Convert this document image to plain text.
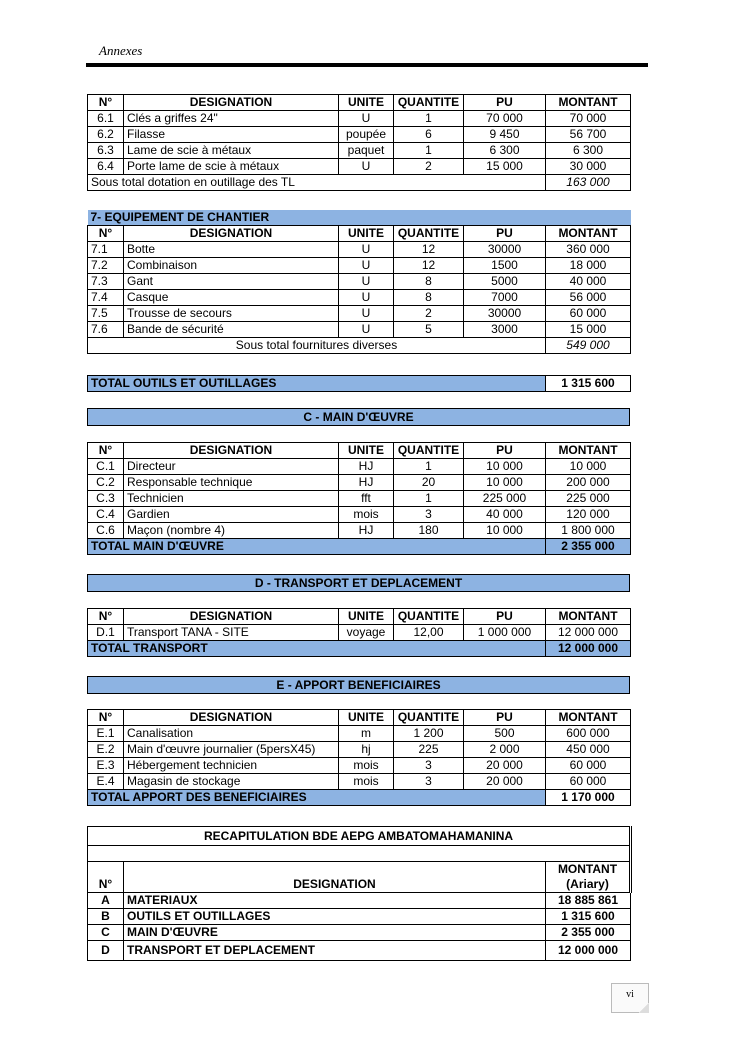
Annexes
N°	DESIGNATION	UNITE	QUANTITE	PU	MONTANT
6.1	Clés a griffes 24"	U	1	70 000	70 000
6.2	Filasse	poupée	6	9 450	56 700
6.3	Lame de scie à métaux	paquet	1	6 300	6 300
6.4	Porte lame de scie à métaux	U	2	15 000	30 000
Sous total dotation en outillage des TL					163 000
7- EQUIPEMENT DE CHANTIER					
N°	DESIGNATION	UNITE	QUANTITE	PU	MONTANT
7.1	Botte	U	12	30000	360 000
7.2	Combinaison	U	12	1500	18 000
7.3	Gant	U	8	5000	40 000
7.4	Casque	U	8	7000	56 000
7.5	Trousse de secours	U	2	30000	60 000
7.6	Bande de sécurité	U	5	3000	15 000
Sous total fournitures diverses					549 000
TOTAL OUTILS ET OUTILLAGES	1 315 600
C - MAIN D'ŒUVRE
N°	DESIGNATION	UNITE	QUANTITE	PU	MONTANT
C.1	Directeur	HJ	1	10 000	10 000
C.2	Responsable technique	HJ	20	10 000	200 000
C.3	Technicien	fft	1	225 000	225 000
C.4	Gardien	mois	3	40 000	120 000
C.6	Maçon (nombre 4)	HJ	180	10 000	1 800 000
TOTAL MAIN D'ŒUVRE					2 355 000
D - TRANSPORT ET DEPLACEMENT
N°	DESIGNATION	UNITE	QUANTITE	PU	MONTANT
D.1	Transport TANA - SITE	voyage	12,00	1 000 000	12 000 000
TOTAL TRANSPORT					12 000 000
E - APPORT BENEFICIAIRES
N°	DESIGNATION	UNITE	QUANTITE	PU	MONTANT
E.1	Canalisation	m	1 200	500	600 000
E.2	Main d'œuvre journalier (5persX45)	hj	225	2 000	450 000
E.3	Hébergement technicien	mois	3	20 000	60 000
E.4	Magasin de stockage	mois	3	20 000	60 000
TOTAL APPORT DES BENEFICIAIRES					1 170 000
RECAPITULATION BDE AEPG AMBATOMAHAMANINA		

N°	DESIGNATION	MONTANT
(Ariary)

A	MATERIAUX	18 885 861
B	OUTILS ET OUTILLAGES	1 315 600
C	MAIN D'ŒUVRE	2 355 000
D	TRANSPORT ET DEPLACEMENT	12 000 000
vi
